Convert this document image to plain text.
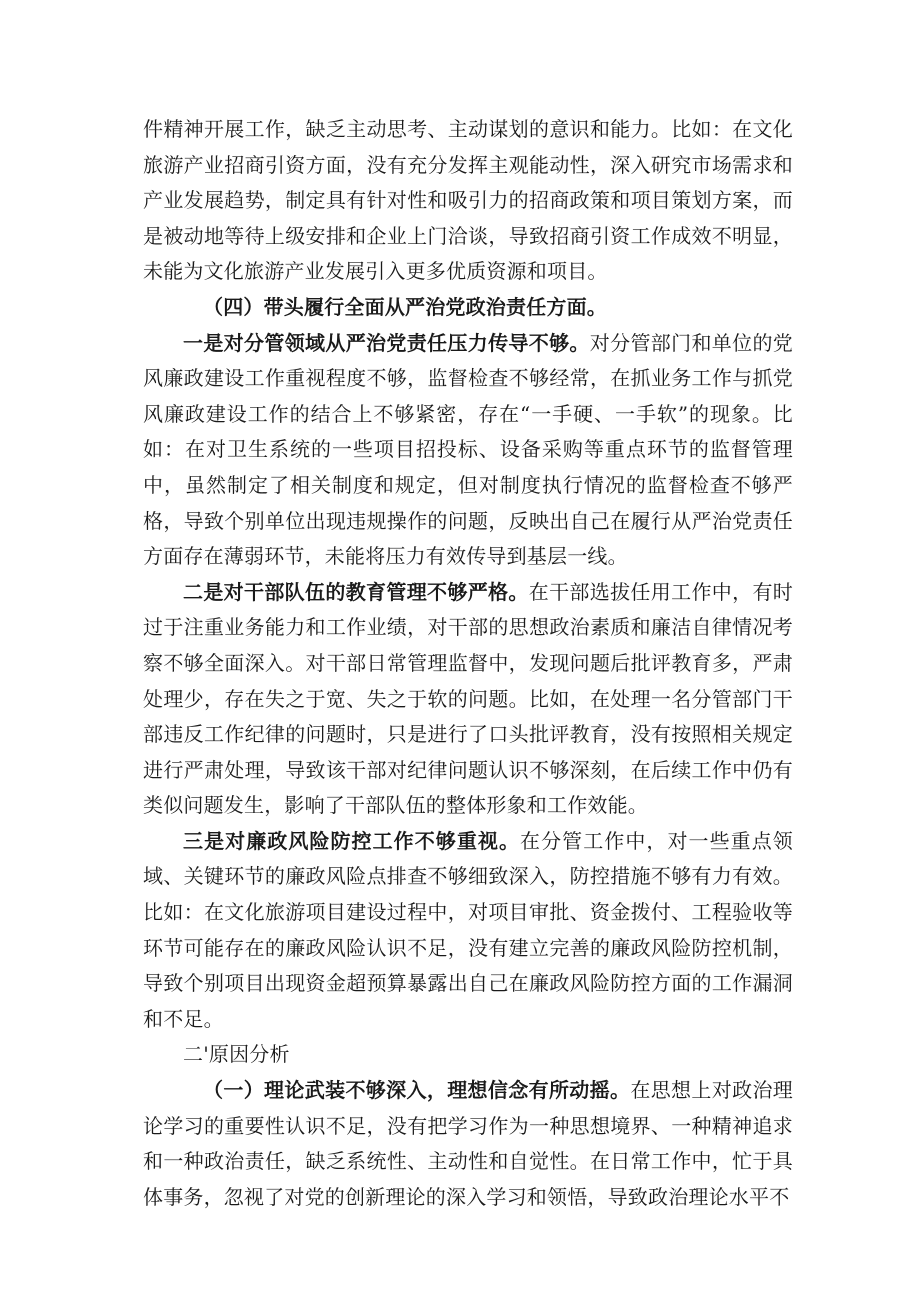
件精神开展工作，缺乏主动思考、主动谋划的意识和能力。比如：在文化旅游产业招商引资方面，没有充分发挥主观能动性，深入研究市场需求和产业发展趋势，制定具有针对性和吸引力的招商政策和项目策划方案，而是被动地等待上级安排和企业上门洽谈，导致招商引资工作成效不明显，未能为文化旅游产业发展引入更多优质资源和项目。

（四）带头履行全面从严治党政治责任方面。

一是对分管领域从严治党责任压力传导不够。对分管部门和单位的党风廉政建设工作重视程度不够，监督检查不够经常，在抓业务工作与抓党风廉政建设工作的结合上不够紧密，存在“一手硬、一手软”的现象。比如：在对卫生系统的一些项目招投标、设备采购等重点环节的监督管理中，虽然制定了相关制度和规定，但对制度执行情况的监督检查不够严格，导致个别单位出现违规操作的问题，反映出自己在履行从严治党责任方面存在薄弱环节，未能将压力有效传导到基层一线。

二是对干部队伍的教育管理不够严格。在干部选拔任用工作中，有时过于注重业务能力和工作业绩，对干部的思想政治素质和廉洁自律情况考察不够全面深入。对干部日常管理监督中，发现问题后批评教育多，严肃处理少，存在失之于宽、失之于软的问题。比如，在处理一名分管部门干部违反工作纪律的问题时，只是进行了口头批评教育，没有按照相关规定进行严肃处理，导致该干部对纪律问题认识不够深刻，在后续工作中仍有类似问题发生，影响了干部队伍的整体形象和工作效能。

三是对廉政风险防控工作不够重视。在分管工作中，对一些重点领域、关键环节的廉政风险点排查不够细致深入，防控措施不够有力有效。比如：在文化旅游项目建设过程中，对项目审批、资金拨付、工程验收等环节可能存在的廉政风险认识不足，没有建立完善的廉政风险防控机制，导致个别项目出现资金超预算暴露出自己在廉政风险防控方面的工作漏洞和不足。

二'原因分析

（一）理论武装不够深入，理想信念有所动摇。在思想上对政治理论学习的重要性认识不足，没有把学习作为一种思想境界、一种精神追求和一种政治责任，缺乏系统性、主动性和自觉性。在日常工作中，忙于具体事务，忽视了对党的创新理论的深入学习和领悟，导致政治理论水平不
